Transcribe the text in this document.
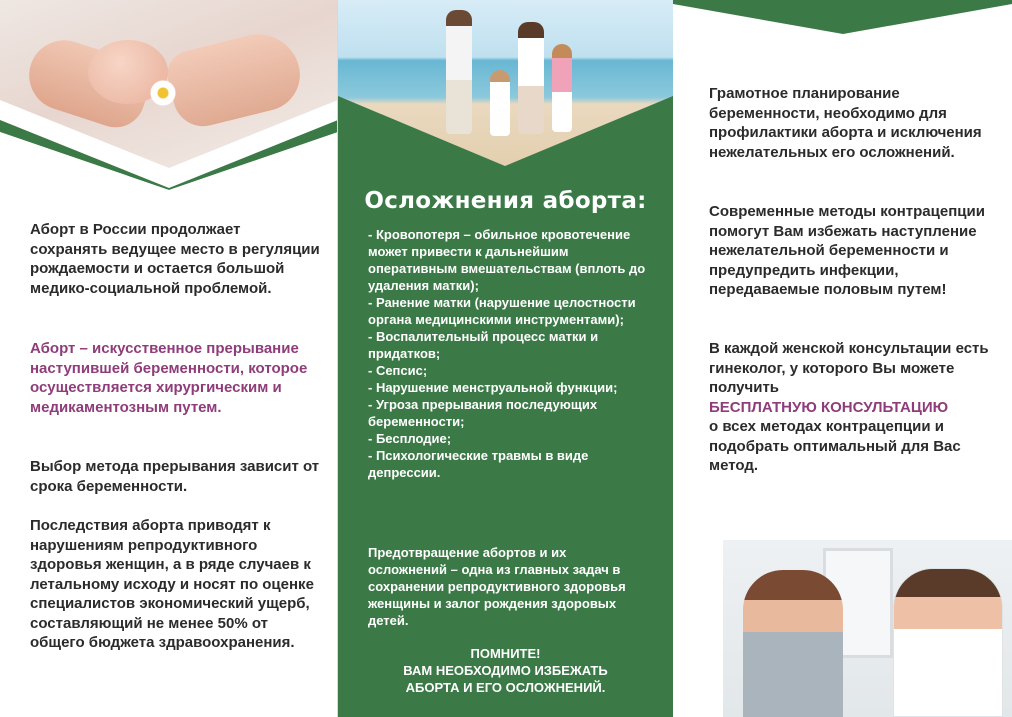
Аборт в России продолжает сохранять ведущее место в регуляции рождаемости и остается большой медико-социальной проблемой.
Аборт – искусственное прерывание наступившей беременности, которое осуществляется хирургическим и медикаментозным путем.
Выбор метода прерывания зависит от срока беременности.
Последствия аборта приводят к нарушениям репродуктивного здоровья женщин, а в ряде случаев к летальному исходу и носят по оценке специалистов экономический ущерб, составляющий не менее 50% от общего бюджета здравоохранения.
Осложнения аборта:
- Кровопотеря – обильное кровотечение может привести к дальнейшим оперативным вмешательствам (вплоть до удаления матки);
- Ранение матки (нарушение целостности органа медицинскими инструментами);
- Воспалительный процесс матки и придатков;
- Сепсис;
- Нарушение менструальной функции;
- Угроза прерывания последующих беременности;
- Бесплодие;
- Психологические травмы в виде депрессии.
Предотвращение абортов и их осложнений – одна из главных задач в сохранении репродуктивного здоровья женщины и залог рождения здоровых детей.
ПОМНИТЕ!
ВАМ НЕОБХОДИМО ИЗБЕЖАТЬ
АБОРТА И ЕГО ОСЛОЖНЕНИЙ.
Грамотное планирование беременности, необходимо для профилактики аборта и исключения нежелательных его осложнений.
Современные методы контрацепции помогут Вам избежать наступление нежелательной беременности и предупредить инфекции, передаваемые половым путем!
В каждой женской консультации есть гинеколог, у которого Вы можете получить
БЕСПЛАТНУЮ КОНСУЛЬТАЦИЮ
о всех методах контрацепции и подобрать оптимальный для Вас метод.
